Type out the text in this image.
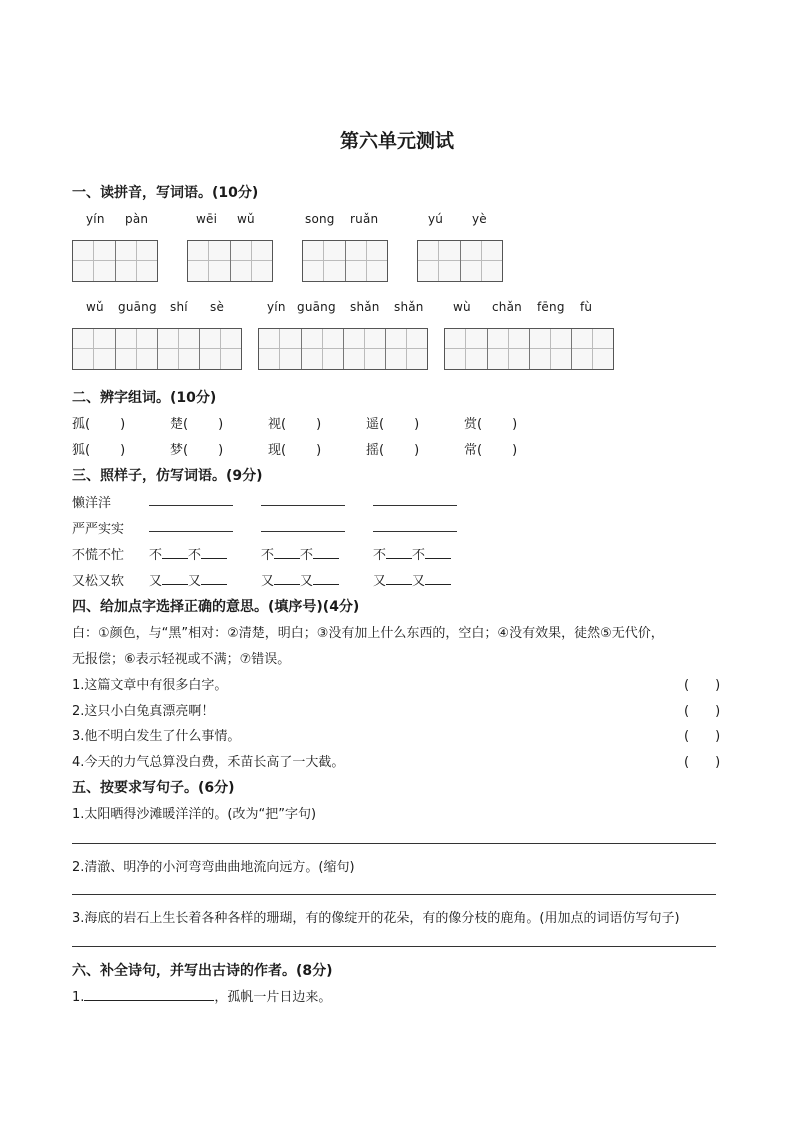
第六单元测试
一、读拼音，写词语。(10分)
yín pàn	wēi wǔ	song ruǎn	yú yè
wǔ guāng shí sè	yín guāng shǎn shǎn wù chǎn fēng fù
二、辨字组词。(10分)
孤( )	楚( )	视( )	遥( )	赏( )
狐( )	梦( )	现( )	摇( )	常( )
三、照样子，仿写词语。(9分)
懒洋洋
严严实实
不慌不忙 不 不	不 不	不 不
又松又软 又 又	又 又	又 又
四、给加点字选择正确的意思。(填序号)(4分)
白：①颜色，与“黑”相对：②清楚，明白；③没有加上什么东西的，空白；④没有效果，徒然⑤无代价，
无报偿；⑥表示轻视或不满；⑦错误。
1.这篇文章中有很多白字。	(　　)
2.这只小白兔真漂亮啊！	(　　)
3.他不明白发生了什么事情。	(　　)
4.今天的力气总算没白费，禾苗长高了一大截。	(　　)
五、按要求写句子。(6分)
1.太阳晒得沙滩暖洋洋的。(改为“把”字句)
2.清澈、明净的小河弯弯曲曲地流向远方。(缩句)
3.海底的岩石上生长着各种各样的珊瑚，有的像绽开的花朵，有的像分枝的鹿角。(用加点的词语仿写句子)
六、补全诗句，并写出古诗的作者。(8分)
1.	，孤帆一片日边来。
